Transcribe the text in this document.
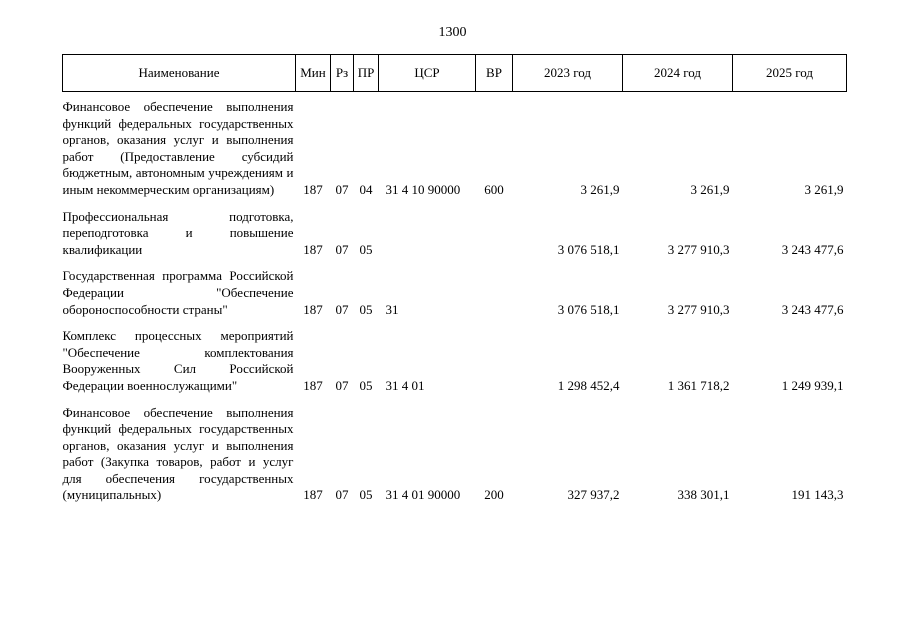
1300
Наименование	Мин	Рз	ПР	ЦСР	ВР	2023 год	2024 год	2025 год

Финансовое обеспечение выполнения функций федеральных государственных органов, оказания услуг и выполнения работ (Предоставление субсидий бюджетным, автономным учреждениям и иным некоммерческим организациям)	187	07	04	31 4 10 90000	600	3 261,9	3 261,9	3 261,9

Профессиональная подготовка, переподготовка и повышение квалификации	187	07	05			3 076 518,1	3 277 910,3	3 243 477,6

Государственная программа Российской Федерации "Обеспечение обороноспособности страны"	187	07	05	31		3 076 518,1	3 277 910,3	3 243 477,6

Комплекс процессных мероприятий "Обеспечение комплектования Вооруженных Сил Российской Федерации военнослужащими"	187	07	05	31 4 01		1 298 452,4	1 361 718,2	1 249 939,1

Финансовое обеспечение выполнения функций федеральных государственных органов, оказания услуг и выполнения работ (Закупка товаров, работ и услуг для обеспечения государственных (муниципальных)	187	07	05	31 4 01 90000	200	327 937,2	338 301,1	191 143,3
